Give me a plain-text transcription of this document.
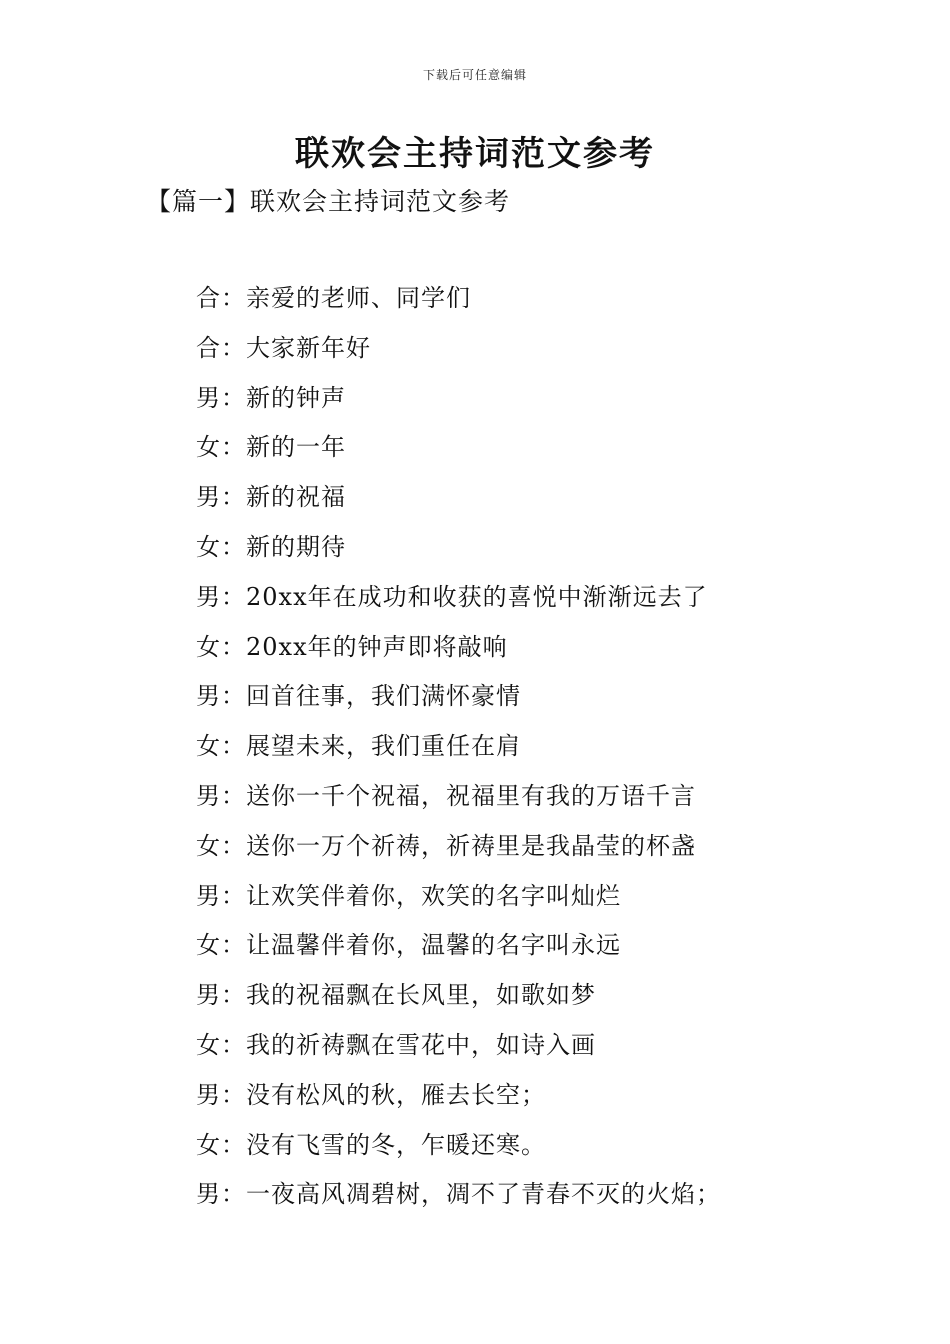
下载后可任意编辑
联欢会主持词范文参考
【篇一】联欢会主持词范文参考
合：亲爱的老师、同学们
合：大家新年好
男：新的钟声
女：新的一年
男：新的祝福
女：新的期待
男：20xx年在成功和收获的喜悦中渐渐远去了
女：20xx年的钟声即将敲响
男：回首往事，我们满怀豪情
女：展望未来，我们重任在肩
男：送你一千个祝福，祝福里有我的万语千言
女：送你一万个祈祷，祈祷里是我晶莹的杯盏
男：让欢笑伴着你，欢笑的名字叫灿烂
女：让温馨伴着你，温馨的名字叫永远
男：我的祝福飘在长风里，如歌如梦
女：我的祈祷飘在雪花中，如诗入画
男：没有松风的秋，雁去长空；
女：没有飞雪的冬，乍暖还寒。
男：一夜高风凋碧树，凋不了青春不灭的火焰；
